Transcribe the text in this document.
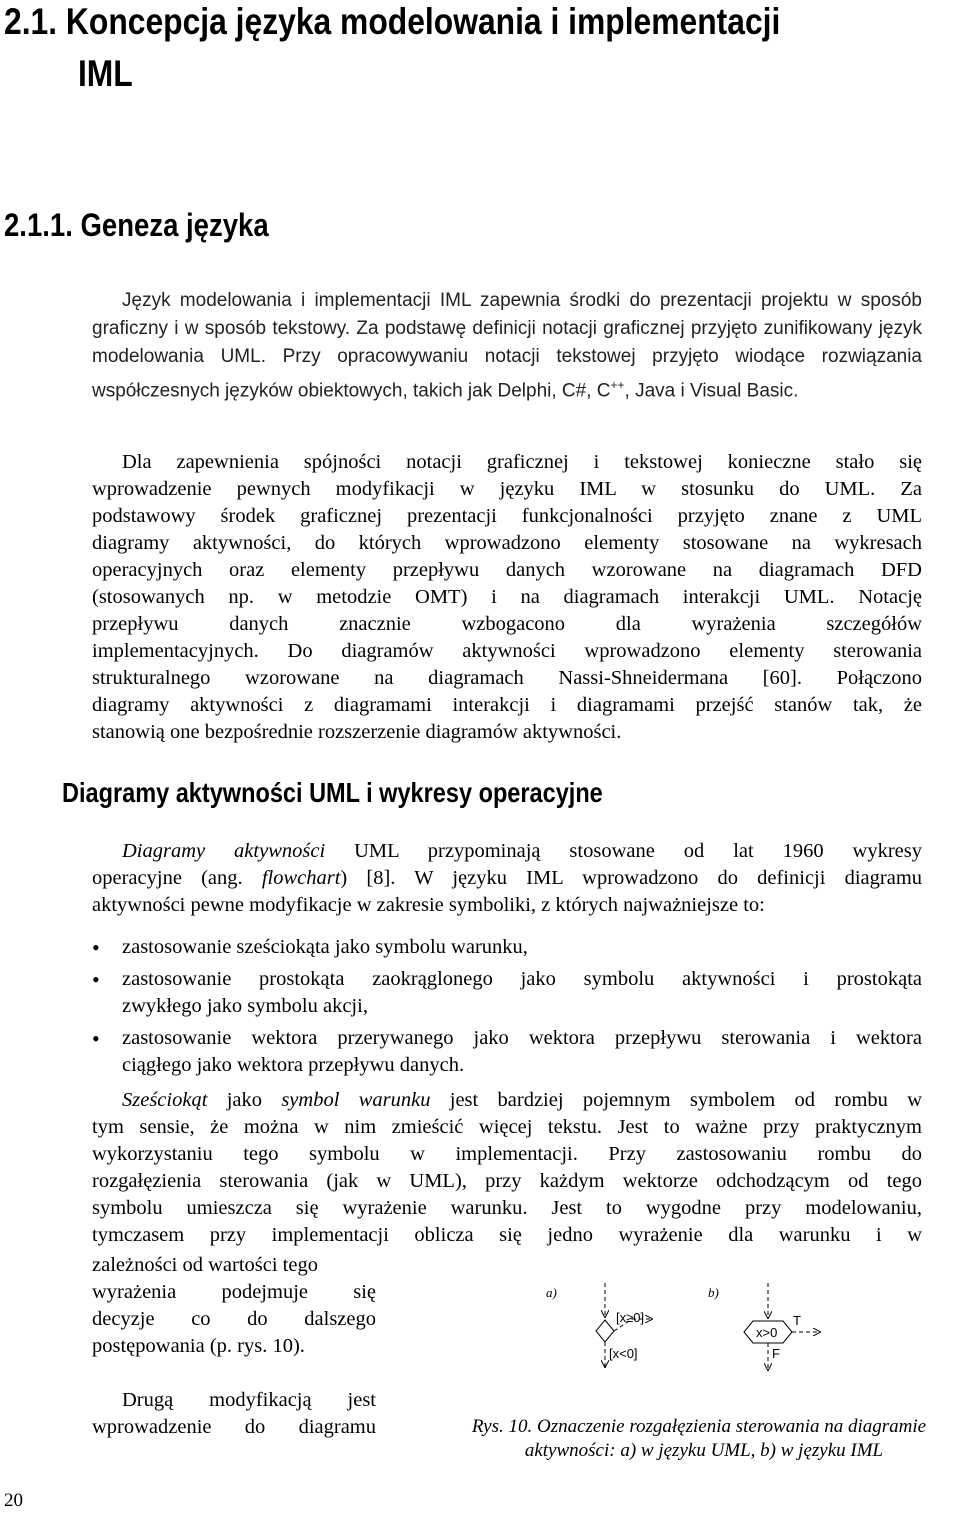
2.1. Koncepcja języka modelowania i implementacji
IML
2.1.1. Geneza języka
Język modelowania i implementacji IML zapewnia środki do prezentacji projektu w sposób graficzny i w sposób tekstowy. Za podstawę definicji notacji graficznej przyjęto zunifikowany język modelowania UML. Przy opracowywaniu notacji tekstowej przyjęto wiodące rozwiązania współczesnych języków obiektowych, takich jak Delphi, C#, C++, Java i Visual Basic.
Dla zapewnienia spójności notacji graficznej i tekstowej konieczne stało się
wprowadzenie pewnych modyfikacji w języku IML w stosunku do UML. Za
podstawowy środek graficznej prezentacji funkcjonalności przyjęto znane z UML
diagramy aktywności, do których wprowadzono elementy stosowane na wykresach
operacyjnych oraz elementy przepływu danych wzorowane na diagramach DFD
(stosowanych np. w metodzie OMT) i na diagramach interakcji UML. Notację
przepływu danych znacznie wzbogacono dla wyrażenia szczegółów
implementacyjnych. Do diagramów aktywności wprowadzono elementy sterowania
strukturalnego wzorowane na diagramach Nassi-Shneidermana [60]. Połączono
diagramy aktywności z diagramami interakcji i diagramami przejść stanów tak, że
stanowią one bezpośrednie rozszerzenie diagramów aktywności.
Diagramy aktywności UML i wykresy operacyjne
Diagramy aktywności UML przypominają stosowane od lat 1960 wykresy
operacyjne (ang. flowchart) [8]. W języku IML wprowadzono do definicji diagramu
aktywności pewne modyfikacje w zakresie symboliki, z których najważniejsze to:
• zastosowanie sześciokąta jako symbolu warunku,
• zastosowanie prostokąta zaokrąglonego jako symbolu aktywności i prostokąta
zwykłego jako symbolu akcji,
• zastosowanie wektora przerywanego jako wektora przepływu sterowania i wektora
ciągłego jako wektora przepływu danych.
Sześciokąt jako symbol warunku jest bardziej pojemnym symbolem od rombu w
tym sensie, że można w nim zmieścić więcej tekstu. Jest to ważne przy praktycznym
wykorzystaniu tego symbolu w implementacji. Przy zastosowaniu rombu do
rozgałęzienia sterowania (jak w UML), przy każdym wektorze odchodzącym od tego
symbolu umieszcza się wyrażenie warunku. Jest to wygodne przy modelowaniu,
tymczasem przy implementacji oblicza się jedno wyrażenie dla warunku i w
zależności od wartości tego
wyrażenia podejmuje się
decyzje co do dalszego
postępowania (p. rys. 10).
Drugą modyfikacją jest
wprowadzenie do diagramu
a)	b)
[x≥0]
[x<0]
x>0
T
F
Rys. 10. Oznaczenie rozgałęzienia sterowania na diagramie
aktywności: a) w języku UML, b) w języku IML
20
